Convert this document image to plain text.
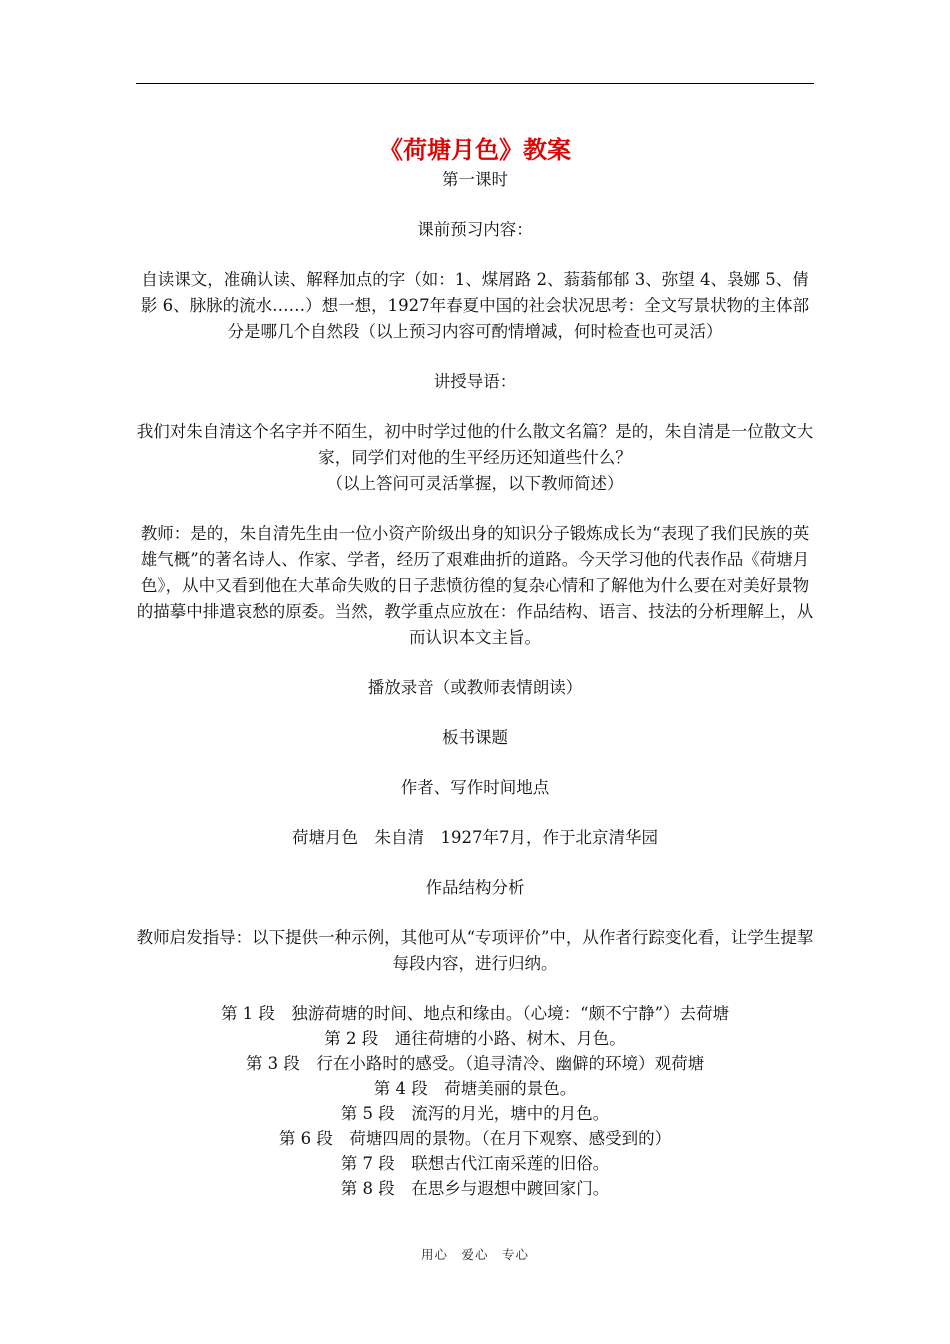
《荷塘月色》教案

第一课时

课前预习内容：

自读课文，准确认读、解释加点的字（如：1、煤屑路 2、蓊蓊郁郁 3、弥望 4、袅娜 5、倩影 6、脉脉的流水……）想一想，1927年春夏中国的社会状况思考：全文写景状物的主体部分是哪几个自然段（以上预习内容可酌情增减，何时检查也可灵活）

讲授导语：

我们对朱自清这个名字并不陌生，初中时学过他的什么散文名篇？是的，朱自清是一位散文大家，同学们对他的生平经历还知道些什么？

（以上答问可灵活掌握，以下教师简述）

教师：是的，朱自清先生由一位小资产阶级出身的知识分子锻炼成长为“表现了我们民族的英雄气概”的著名诗人、作家、学者，经历了艰难曲折的道路。今天学习他的代表作品《荷塘月色》，从中又看到他在大革命失败的日子悲愤彷徨的复杂心情和了解他为什么要在对美好景物的描摹中排遣哀愁的原委。当然，教学重点应放在：作品结构、语言、技法的分析理解上，从而认识本文主旨。

播放录音（或教师表情朗读）

板书课题

作者、写作时间地点

荷塘月色　朱自清　1927年7月，作于北京清华园

作品结构分析

教师启发指导：以下提供一种示例，其他可从“专项评价”中，从作者行踪变化看，让学生提挈每段内容，进行归纳。

第 1 段　独游荷塘的时间、地点和缘由。（心境：“颇不宁静”）去荷塘

第 2 段　通往荷塘的小路、树木、月色。

第 3 段　行在小路时的感受。（追寻清冷、幽僻的环境）观荷塘

第 4 段　荷塘美丽的景色。

第 5 段　流泻的月光，塘中的月色。

第 6 段　荷塘四周的景物。（在月下观察、感受到的）

第 7 段　联想古代江南采莲的旧俗。

第 8 段　在思乡与遐想中踱回家门。

用心　爱心　专心
